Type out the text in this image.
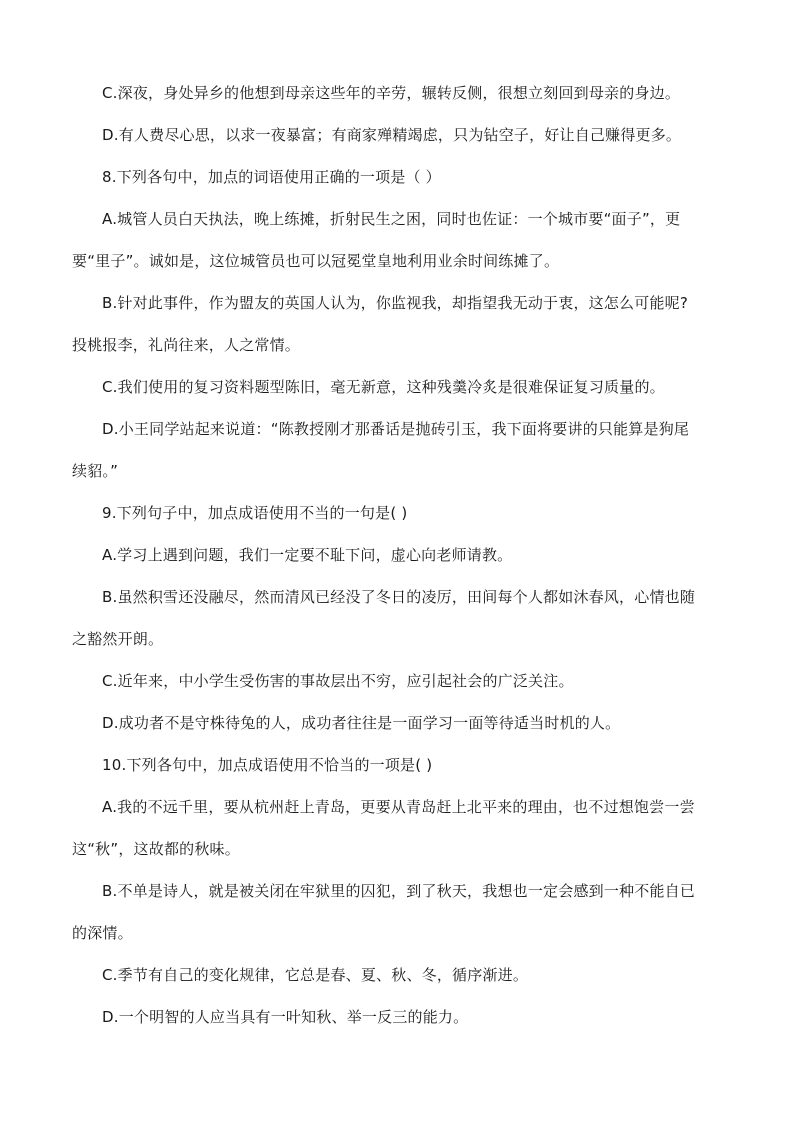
C.深夜，身处异乡的他想到母亲这些年的辛劳，辗转反侧，很想立刻回到母亲的身边。
D.有人费尽心思，以求一夜暴富；有商家殚精竭虑，只为钻空子，好让自己赚得更多。
8.下列各句中，加点的词语使用正确的一项是（ ）
A.城管人员白天执法，晚上练摊，折射民生之困，同时也佐证：一个城市要“面子”，更
要“里子”。诚如是，这位城管员也可以冠冕堂皇地利用业余时间练摊了。
B.针对此事件，作为盟友的英国人认为，你监视我，却指望我无动于衷，这怎么可能呢?
投桃报李，礼尚往来，人之常情。
C.我们使用的复习资料题型陈旧，毫无新意，这种残羹冷炙是很难保证复习质量的。
D.小王同学站起来说道：“陈教授刚才那番话是抛砖引玉，我下面将要讲的只能算是狗尾
续貂。”
9.下列句子中，加点成语使用不当的一句是( )
A.学习上遇到问题，我们一定要不耻下问，虚心向老师请教。
B.虽然积雪还没融尽，然而清风已经没了冬日的凌厉，田间每个人都如沐春风，心情也随
之豁然开朗。
C.近年来，中小学生受伤害的事故层出不穷，应引起社会的广泛关注。
D.成功者不是守株待兔的人，成功者往往是一面学习一面等待适当时机的人。
10.下列各句中，加点成语使用不恰当的一项是( )
A.我的不远千里，要从杭州赶上青岛，更要从青岛赶上北平来的理由，也不过想饱尝一尝
这“秋”，这故都的秋味。
B.不单是诗人，就是被关闭在牢狱里的囚犯，到了秋天，我想也一定会感到一种不能自已
的深情。
C.季节有自己的变化规律，它总是春、夏、秋、冬，循序渐进。
D.一个明智的人应当具有一叶知秋、举一反三的能力。
